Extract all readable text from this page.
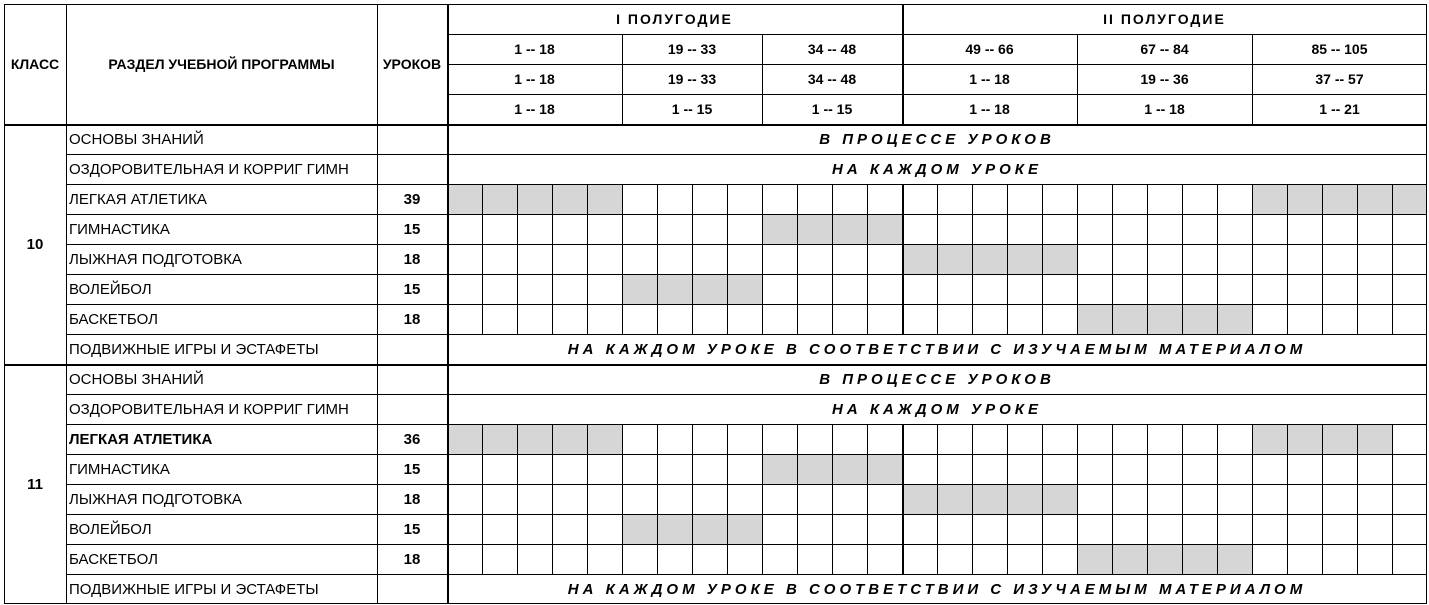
КЛАСС	РАЗДЕЛ УЧЕБНОЙ ПРОГРАММЫ	УРОКОВ
I ПОЛУГОДИЕ	II ПОЛУГОДИЕ
1 -- 18	19 -- 33	34 -- 48	49 -- 66	67 -- 84	85 -- 105
1 -- 18	19 -- 33	34 -- 48	1 -- 18	19 -- 36	37 -- 57
1 -- 18	1 -- 15	1 -- 15	1 -- 18	1 -- 18	1 -- 21
10
ОСНОВЫ ЗНАНИЙ	В ПРОЦЕССЕ УРОКОВ
ОЗДОРОВИТЕЛЬНАЯ И КОРРИГ ГИМН	НА КАЖДОМ УРОКЕ
ЛЕГКАЯ АТЛЕТИКА	39
ГИМНАСТИКА	15
ЛЫЖНАЯ ПОДГОТОВКА	18
ВОЛЕЙБОЛ	15
БАСКЕТБОЛ	18
ПОДВИЖНЫЕ ИГРЫ И ЭСТАФЕТЫ	НА КАЖДОМ УРОКЕ В СООТВЕТСТВИИ С ИЗУЧАЕМЫМ МАТЕРИАЛОМ
11
ОСНОВЫ ЗНАНИЙ	В ПРОЦЕССЕ УРОКОВ
ОЗДОРОВИТЕЛЬНАЯ И КОРРИГ ГИМН	НА КАЖДОМ УРОКЕ
ЛЕГКАЯ АТЛЕТИКА	36
ГИМНАСТИКА	15
ЛЫЖНАЯ ПОДГОТОВКА	18
ВОЛЕЙБОЛ	15
БАСКЕТБОЛ	18
ПОДВИЖНЫЕ ИГРЫ И ЭСТАФЕТЫ	НА КАЖДОМ УРОКЕ В СООТВЕТСТВИИ С ИЗУЧАЕМЫМ МАТЕРИАЛОМ
